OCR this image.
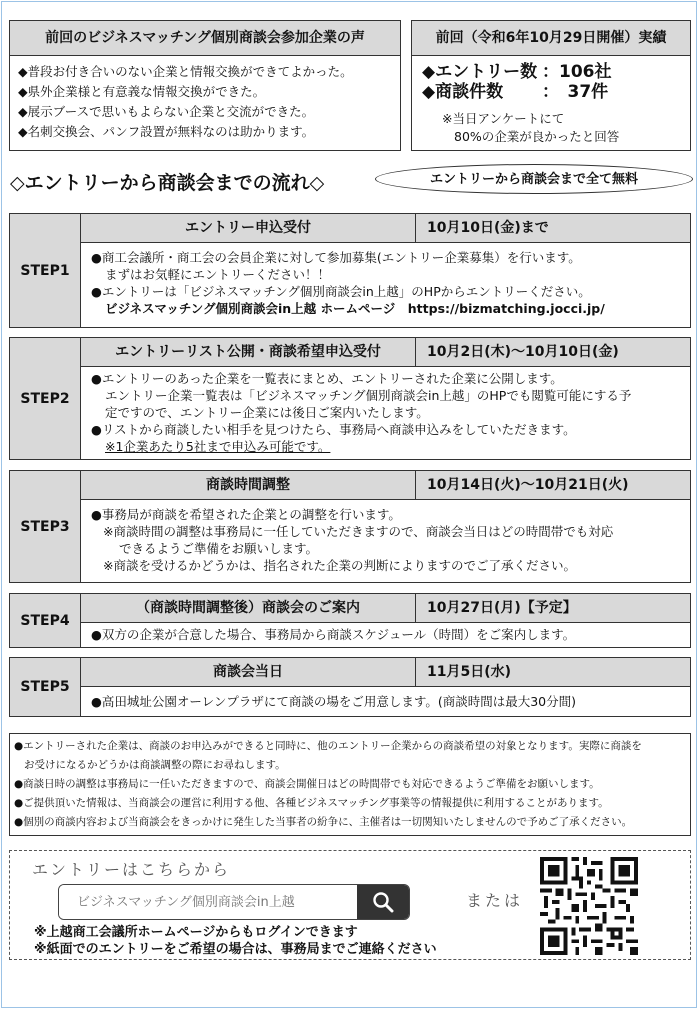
前回のビジネスマッチング個別商談会参加企業の声
◆普段お付き合いのない企業と情報交換ができてよかった。
◆県外企業様と有意義な情報交換ができた。
◆展示ブースで思いもよらない企業と交流ができた。
◆名刺交換会、パンフ設置が無料なのは助かります。
前回（令和6年10月29日開催）実績
◆エントリー数 ：106社
◆商談件数 ：　37件
※当日アンケートにて
80%の企業が良かったと回答
◇エントリーから商談会までの流れ◇	エントリーから商談会まで全て無料
STEP1
エントリー申込受付	10月10日(金)まで

●商工会議所・商工会の会員企業に対して参加募集(エントリー企業募集）を行います。

まずはお気軽にエントリーください！！

●エントリーは「ビジネスマッチング個別商談会in上越」のHPからエントリーください。

ビジネスマッチング個別商談会in上越 ホームページ　https://bizmatching.jocci.jp/

STEP2
エントリーリスト公開・商談希望申込受付	10月2日(木)～10月10日(金)

●エントリーのあった企業を一覧表にまとめ、エントリーされた企業に公開します。

エントリー企業一覧表は「ビジネスマッチング個別商談会in上越」のHPでも閲覧可能にする予

定ですので、エントリー企業には後日ご案内いたします。

●リストから商談したい相手を見つけたら、事務局へ商談申込みをしていただきます。

※1企業あたり5社まで申込み可能です。

STEP3
商談時間調整	10月14日(火)～10月21日(火)

●事務局が商談を希望された企業との調整を行います。

※商談時間の調整は事務局に一任していただきますので、商談会当日はどの時間帯でも対応

できるようご準備をお願いします。

※商談を受けるかどうかは、指名された企業の判断によりますのでご了承ください。

STEP4
（商談時間調整後）商談会のご案内	10月27日(月)【予定】

●双方の企業が合意した場合、事務局から商談スケジュール（時間）をご案内します。

STEP5
商談会当日	11月5日(水)

●高田城址公園オーレンプラザにて商談の場をご用意します。(商談時間は最大30分間)

●エントリーされた企業は、商談のお申込みができると同時に、他のエントリー企業からの商談希望の対象となります。実際に商談を

お受けになるかどうかは商談調整の際にお尋ねします。

●商談日時の調整は事務局に一任いただきますので、商談会開催日はどの時間帯でも対応できるようご準備をお願いします。

●ご提供頂いた情報は、当商談会の運営に利用する他、各種ビジネスマッチング事業等の情報提供に利用することがあります。

●個別の商談内容および当商談会をきっかけに発生した当事者の紛争に、主催者は一切関知いたしませんので予めご了承ください。

エントリーはこちらから
ビジネスマッチング個別商談会in上越
※上越商工会議所ホームページからもログインできます
※紙面でのエントリーをご希望の場合は、事務局までご連絡ください
または
